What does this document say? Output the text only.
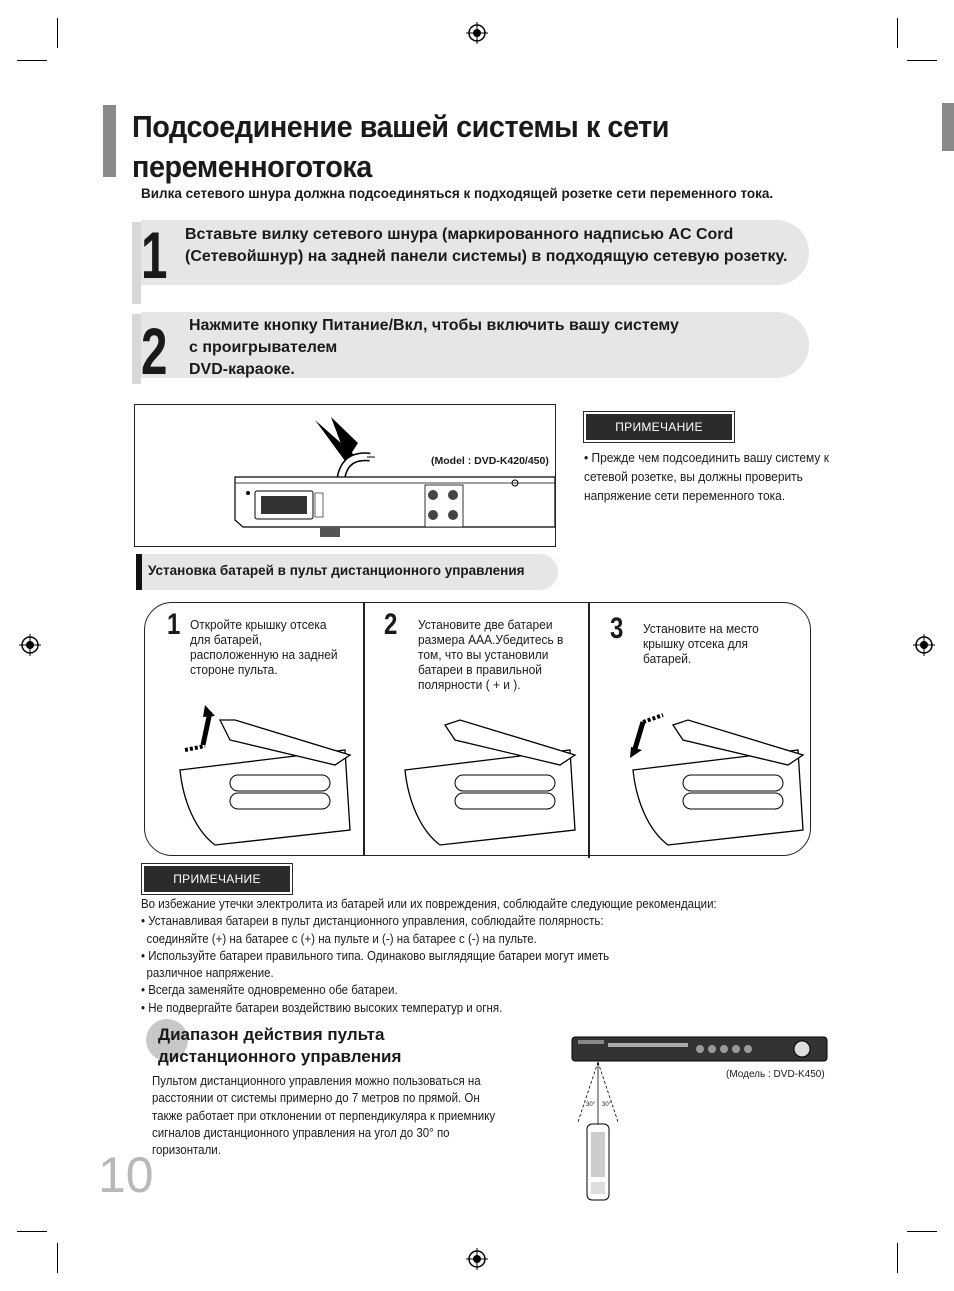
Подсоединение вашей системы к сети
переменноготока
Вилка сетевого шнура должна подсоединяться к подходящей розетке сети переменного тока.
1 Вставьте вилку сетевого шнура (маркированного надписью AC Cord (Сетевойшнур) на задней панели системы) в подходящую сетевую розетку.
2 Нажмите кнопку Питание/Вкл, чтобы включить вашу систему
с проигрывателем
DVD-караоке.
(Model : DVD-K420/450)
ПРИМЕЧАНИЕ
• Прежде чем подсоединить вашу систему к сетевой розетке, вы должны проверить напряжение сети переменного тока.
Установка батарей в пульт дистанционного управления
1 Откройте крышку отсека для батарей, расположенную на задней стороне пульта.
2 Установите две батареи размера ААА.Убедитесь в том, что вы установили батареи в правильной полярности ( + и ).
3 Установите на место крышку отсека для батарей.
ПРИМЕЧАНИЕ
Во избежание утечки электролита из батарей или их повреждения, соблюдайте следующие рекомендации:
• Устанавливая батареи в пульт дистанционного управления, соблюдайте полярность:
соединяйте (+) на батарее с (+) на пульте и (-) на батарее с (-) на пульте.
• Используйте батареи правильного типа. Одинаково выглядящие батареи могут иметь
различное напряжение.
• Всегда заменяйте одновременно обе батареи.
• Не подвергайте батареи воздействию высоких температур и огня.
Диапазон действия пульта
дистанционного управления
Пультом дистанционного управления можно пользоваться на расстоянии от системы примерно до 7 метров по прямой. Он также работает при отклонении от перпендикуляра к приемнику сигналов дистанционного управления на угол до 30° по горизонтали.
30° 30°
(Модель : DVD-K450)
10
